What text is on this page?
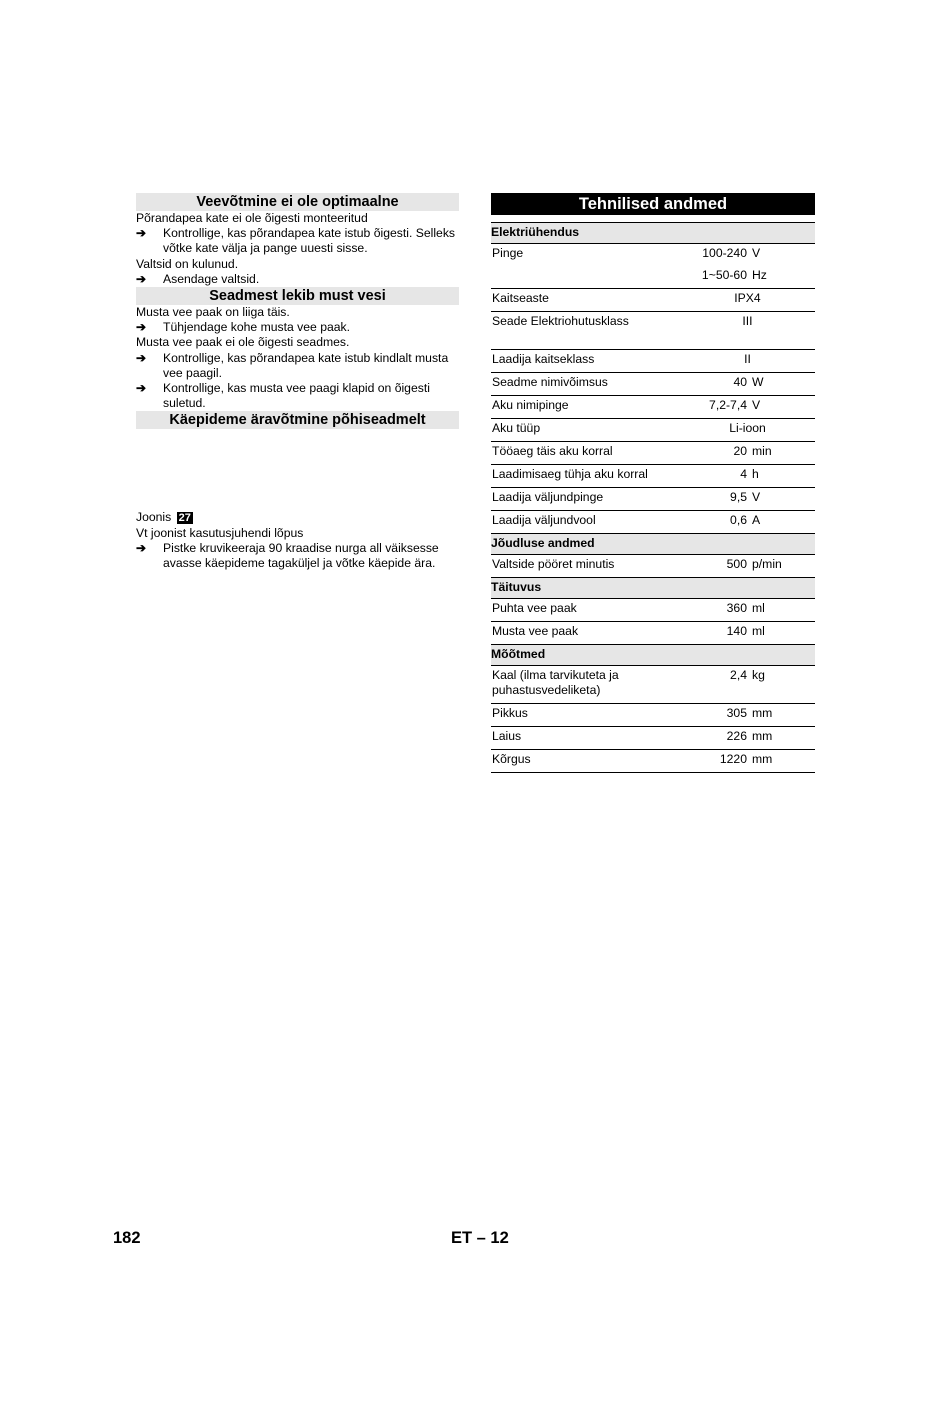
Veevõtmine ei ole optimaalne

Põrandapea kate ei ole õigesti monteeritud

➔ Kontrollige, kas põrandapea kate istub õigesti. Selleks võtke kate välja ja pange uuesti sisse.

Valtsid on kulunud.

➔ Asendage valtsid.

Seadmest lekib must vesi

Musta vee paak on liiga täis.

➔ Tühjendage kohe musta vee paak.

Musta vee paak ei ole õigesti seadmes.

➔ Kontrollige, kas põrandapea kate istub kindlalt musta vee paagil.

➔ Kontrollige, kas musta vee paagi klapid on õigesti suletud.

Käepideme äravõtmine põhiseadmelt

Joonis 27

Vt joonist kasutusjuhendi lõpus

➔ Pistke kruvikeeraja 90 kraadise nurga all väiksesse avasse käepideme tagaküljel ja võtke käepide ära.

Tehnilised andmed
Elektriühendus		
Pinge	100-240	V
	1~50-60	Hz
Kaitseaste	IPX4	
Seade Elektriohutusklass	III	
Laadija kaitseklass	II	
Seadme nimivõimsus	40	W
Aku nimipinge	7,2-7,4	V
Aku tüüp	Li-ioon	
Tööaeg täis aku korral	20	min
Laadimisaeg tühja aku korral	4	h
Laadija väljundpinge	9,5	V
Laadija väljundvool	0,6	A
Jõudluse andmed		
Valtside pööret minutis	500	p/min
Täituvus		
Puhta vee paak	360	ml
Musta vee paak	140	ml
Mõõtmed		
Kaal (ilma tarvikuteta ja puhastusvedeliketa)	2,4	kg
Pikkus	305	mm
Laius	226	mm
Kõrgus	1220	mm
182	ET – 12
